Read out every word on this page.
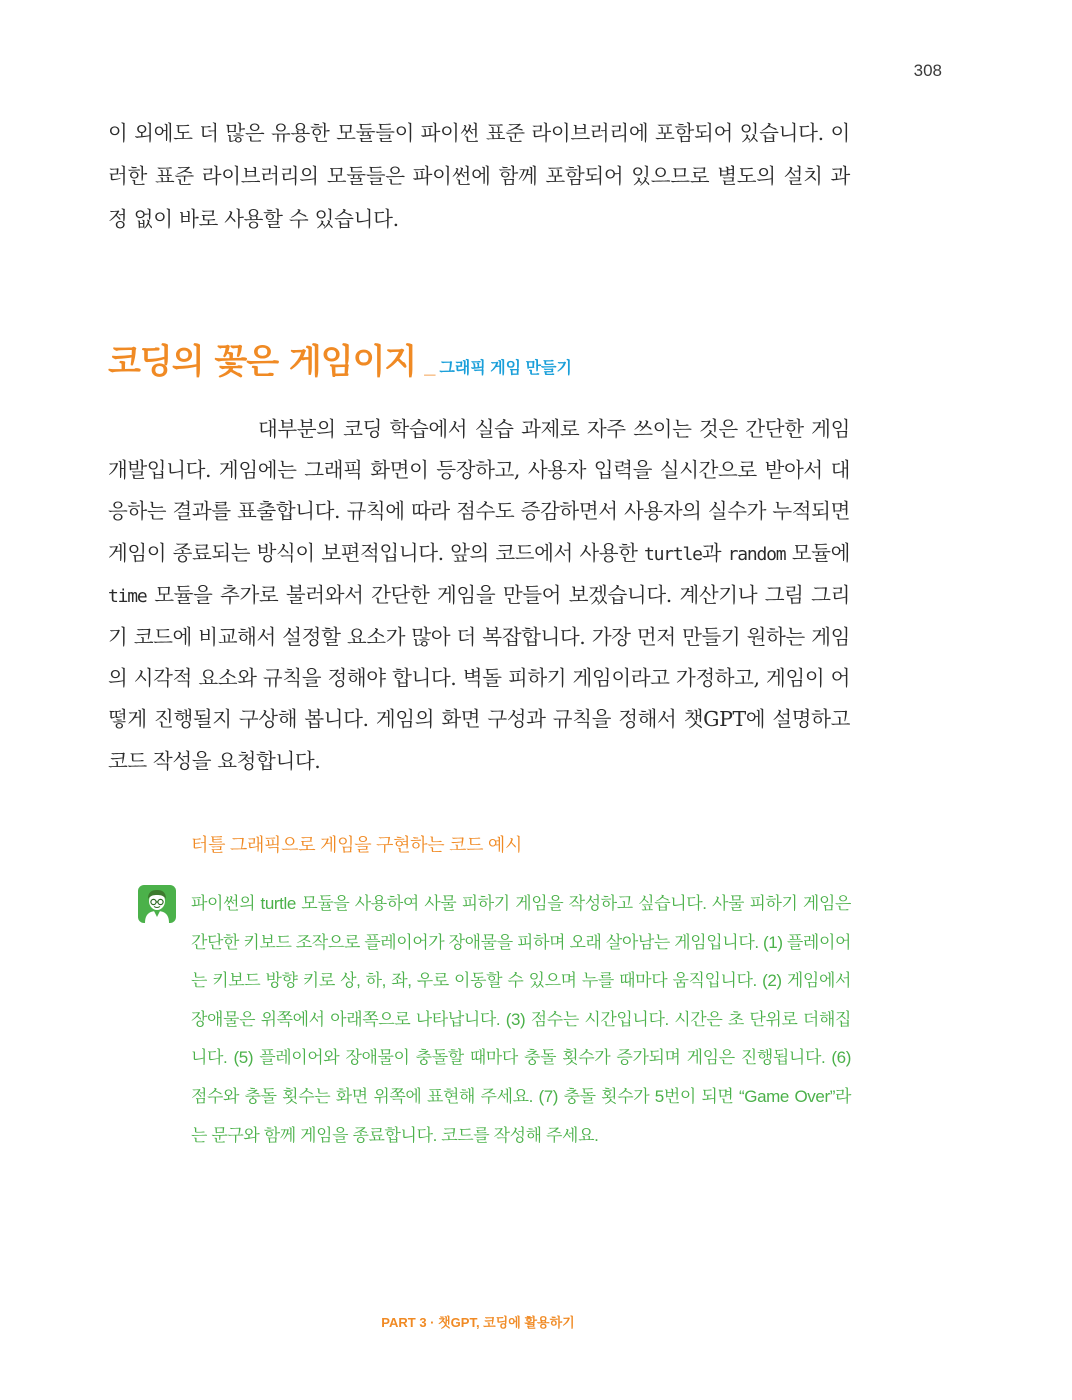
308

이 외에도 더 많은 유용한 모듈들이 파이썬 표준 라이브러리에 포함되어 있습니다. 이러한 표준 라이브러리의 모듈들은 파이썬에 함께 포함되어 있으므로 별도의 설치 과정 없이 바로 사용할 수 있습니다.

코딩의 꽃은 게임이지 _ 그래픽 게임 만들기

대부분의 코딩 학습에서 실습 과제로 자주 쓰이는 것은 간단한 게임 개발입니다. 게임에는 그래픽 화면이 등장하고, 사용자 입력을 실시간으로 받아서 대응하는 결과를 표출합니다. 규칙에 따라 점수도 증감하면서 사용자의 실수가 누적되면 게임이 종료되는 방식이 보편적입니다. 앞의 코드에서 사용한 turtle과 random 모듈에 time 모듈을 추가로 불러와서 간단한 게임을 만들어 보겠습니다. 계산기나 그림 그리기 코드에 비교해서 설정할 요소가 많아 더 복잡합니다. 가장 먼저 만들기 원하는 게임의 시각적 요소와 규칙을 정해야 합니다. 벽돌 피하기 게임이라고 가정하고, 게임이 어떻게 진행될지 구상해 봅니다. 게임의 화면 구성과 규칙을 정해서 챗GPT에 설명하고 코드 작성을 요청합니다.

터틀 그래픽으로 게임을 구현하는 코드 예시

파이썬의 turtle 모듈을 사용하여 사물 피하기 게임을 작성하고 싶습니다. 사물 피하기 게임은 간단한 키보드 조작으로 플레이어가 장애물을 피하며 오래 살아남는 게임입니다. (1) 플레이어는 키보드 방향 키로 상, 하, 좌, 우로 이동할 수 있으며 누를 때마다 움직입니다. (2) 게임에서 장애물은 위쪽에서 아래쪽으로 나타납니다. (3) 점수는 시간입니다. 시간은 초 단위로 더해집니다. (5) 플레이어와 장애물이 충돌할 때마다 충돌 횟수가 증가되며 게임은 진행됩니다. (6) 점수와 충돌 횟수는 화면 위쪽에 표현해 주세요. (7) 충돌 횟수가 5번이 되면 “Game Over”라는 문구와 함께 게임을 종료합니다. 코드를 작성해 주세요.

PART 3 · 챗GPT, 코딩에 활용하기
